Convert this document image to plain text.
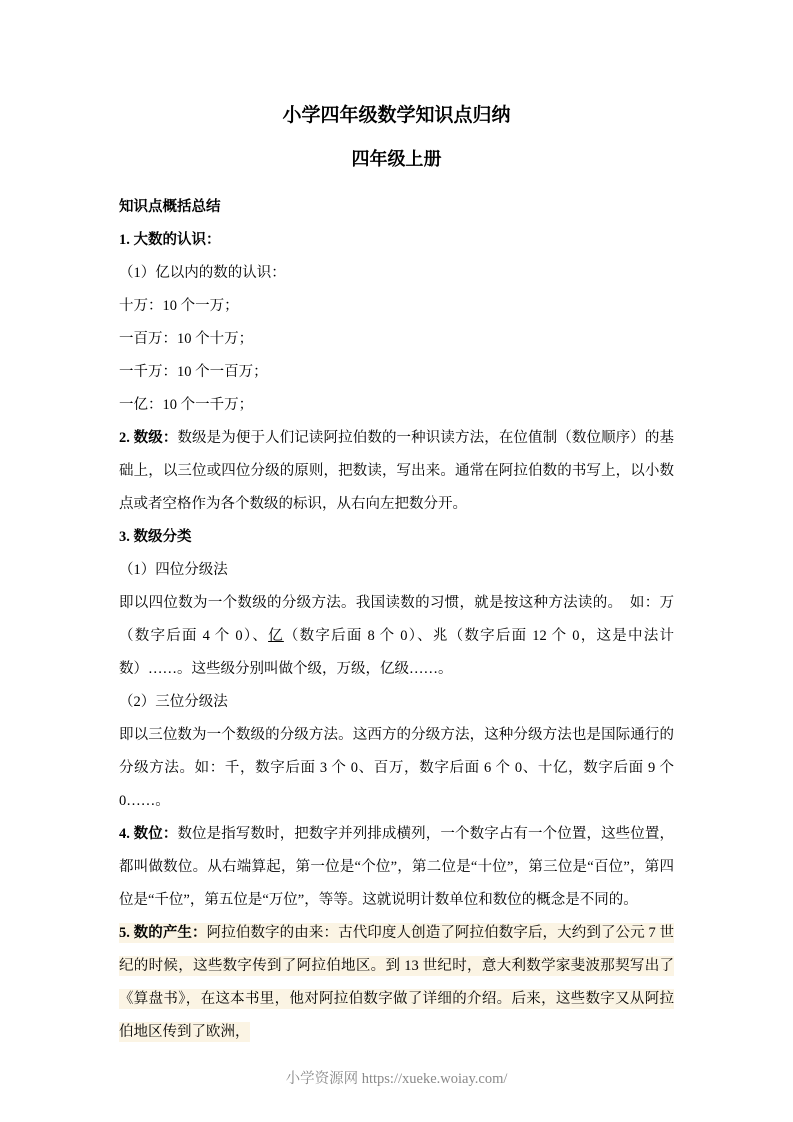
小学四年级数学知识点归纳
四年级上册

知识点概括总结

1. 大数的认识：

（1）亿以内的数的认识：

十万：10 个一万；

一百万：10 个十万；

一千万：10 个一百万；

一亿：10 个一千万；

2. 数级：数级是为便于人们记读阿拉伯数的一种识读方法，在位值制（数位顺序）的基础上，以三位或四位分级的原则，把数读，写出来。通常在阿拉伯数的书写上，以小数点或者空格作为各个数级的标识，从右向左把数分开。

3. 数级分类

（1）四位分级法

即以四位数为一个数级的分级方法。我国读数的习惯，就是按这种方法读的。　如：万（数字后面 4 个 0）、亿（数字后面 8 个 0）、兆（数字后面 12 个 0，这是中法计数）……。这些级分别叫做个级，万级，亿级……。

（2）三位分级法

即以三位数为一个数级的分级方法。这西方的分级方法，这种分级方法也是国际通行的分级方法。如：千，数字后面 3 个 0、百万，数字后面 6 个 0、十亿，数字后面 9 个 0……。

4. 数位：数位是指写数时，把数字并列排成横列，一个数字占有一个位置，这些位置，都叫做数位。从右端算起，第一位是“个位”，第二位是“十位”，第三位是“百位”，第四位是“千位”，第五位是“万位”，等等。这就说明计数单位和数位的概念是不同的。

5. 数的产生：阿拉伯数字的由来：古代印度人创造了阿拉伯数字后，大约到了公元 7 世纪的时候，这些数字传到了阿拉伯地区。到 13 世纪时，意大利数学家斐波那契写出了《算盘书》，在这本书里，他对阿拉伯数字做了详细的介绍。后来，这些数字又从阿拉伯地区传到了欧洲，

小学资源网 https://xueke.woiay.com/
